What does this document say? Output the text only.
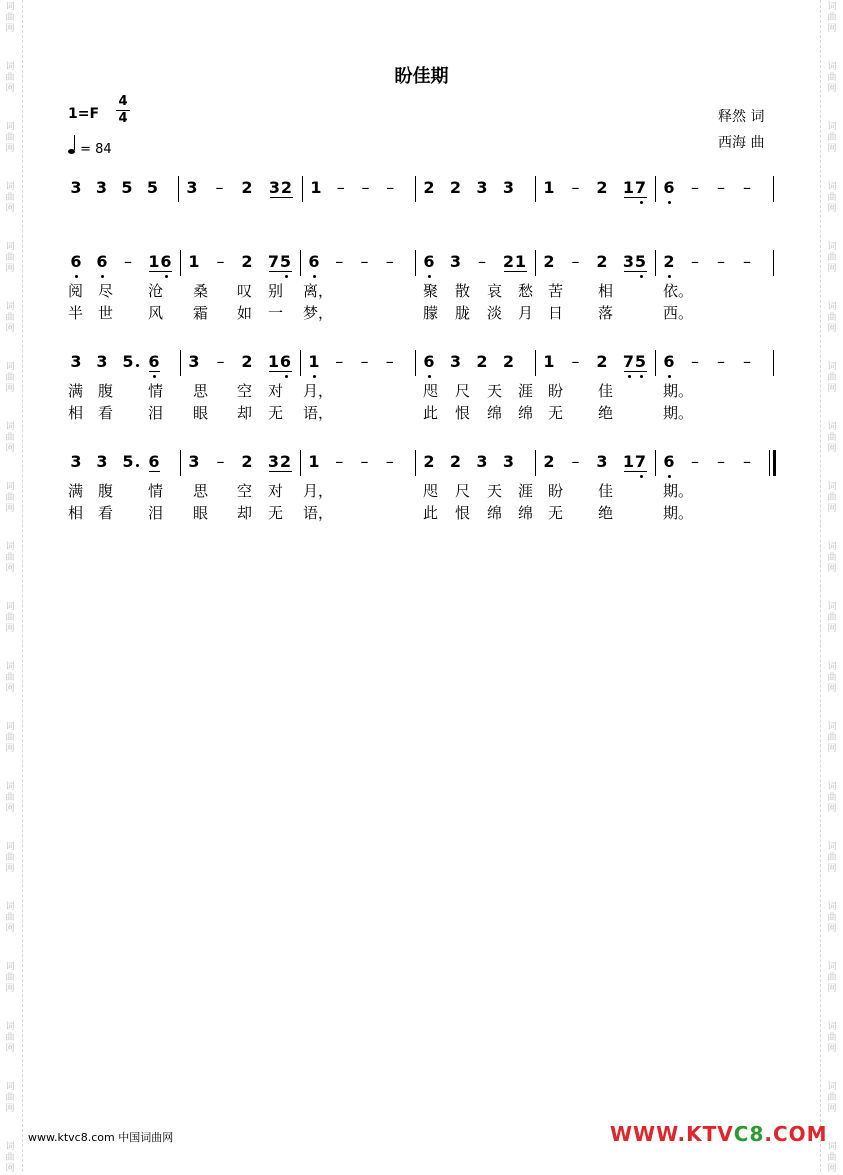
词
曲
网
词
曲
网
词
曲
网
词
曲
网
词
曲
网
词
曲
网
词
曲
网
词
曲
网
词
曲
网
词
曲
网
词
曲
网
词
曲
网
词
曲
网
词
曲
网
词
曲
网
词
曲
网
词
曲
网
词
曲
网
词
曲
网
词
曲
网
词
曲
网
词
曲
网
词
曲
网
词
曲
网
词
曲
网
词
曲
网
词
曲
网
词
曲
网
词
曲
网
词
曲
网
词
曲
网
词
曲
网
词
曲
网
词
曲
网
词
曲
网
词
曲
网
词
曲
网
词
曲
网
词
曲
网
词
曲
网
盼佳期
1=F
4
4
= 84
释然 词
西海 曲
3 3 5 5 3 – 2 3 2 1 – – – 2 2 3 3 1 – 2 1 7 6 – – –
6 6 – 1 6 1 – 2 7 5 6 – – – 6 3 – 2 1 2 – 2 3 5 2 – – –
阅 尽 沧 桑 叹 别 离，	聚 散 哀 愁 苦 相	依。
半 世 风 霜 如 一 梦，	朦 胧 淡 月 日 落	西。
3 3 5 6 3 – 2 1 6 1 – – – 6 3 2 2 1 – 2 7 5 6 – – –
满 腹 情 思 空 对 月，	咫 尺 天 涯 盼 佳	期。
相 看 泪 眼 却 无 语，	此 恨 绵 绵 无 绝	期。
3 3 5 6 3 – 2 3 2 1 – – – 2 2 3 3 2 – 3 1 7 6 – – –
满 腹 情 思 空 对 月，	咫 尺 天 涯 盼 佳	期。
相 看 泪 眼 却 无 语，	此 恨 绵 绵 无 绝	期。
www.ktvc8.com 中国词曲网	WWW.KTVC8.COM
